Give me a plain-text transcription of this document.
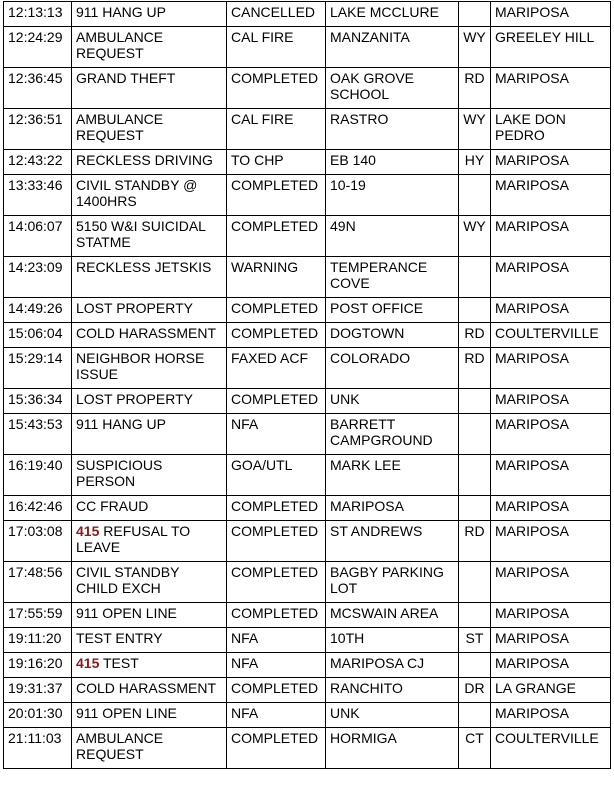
12:13:13	911 HANG UP	CANCELLED	LAKE MCCLURE		MARIPOSA
12:24:29	AMBULANCE REQUEST	CAL FIRE	MANZANITA	WY	GREELEY HILL
12:36:45	GRAND THEFT	COMPLETED	OAK GROVE SCHOOL	RD	MARIPOSA
12:36:51	AMBULANCE REQUEST	CAL FIRE	RASTRO	WY	LAKE DON PEDRO
12:43:22	RECKLESS DRIVING	TO CHP	EB 140	HY	MARIPOSA
13:33:46	CIVIL STANDBY @ 1400HRS	COMPLETED	10-19		MARIPOSA
14:06:07	5150 W&I SUICIDAL STATME	COMPLETED	49N	WY	MARIPOSA
14:23:09	RECKLESS JETSKIS	WARNING	TEMPERANCE COVE		MARIPOSA
14:49:26	LOST PROPERTY	COMPLETED	POST OFFICE		MARIPOSA
15:06:04	COLD HARASSMENT	COMPLETED	DOGTOWN	RD	COULTERVILLE
15:29:14	NEIGHBOR HORSE ISSUE	FAXED ACF	COLORADO	RD	MARIPOSA
15:36:34	LOST PROPERTY	COMPLETED	UNK		MARIPOSA
15:43:53	911 HANG UP	NFA	BARRETT CAMPGROUND		MARIPOSA
16:19:40	SUSPICIOUS PERSON	GOA/UTL	MARK LEE		MARIPOSA
16:42:46	CC FRAUD	COMPLETED	MARIPOSA		MARIPOSA
17:03:08	415 REFUSAL TO LEAVE	COMPLETED	ST ANDREWS	RD	MARIPOSA
17:48:56	CIVIL STANDBY CHILD EXCH	COMPLETED	BAGBY PARKING LOT		MARIPOSA
17:55:59	911 OPEN LINE	COMPLETED	MCSWAIN AREA		MARIPOSA
19:11:20	TEST ENTRY	NFA	10TH	ST	MARIPOSA
19:16:20	415 TEST	NFA	MARIPOSA CJ		MARIPOSA
19:31:37	COLD HARASSMENT	COMPLETED	RANCHITO	DR	LA GRANGE
20:01:30	911 OPEN LINE	NFA	UNK		MARIPOSA
21:11:03	AMBULANCE REQUEST	COMPLETED	HORMIGA	CT	COULTERVILLE
